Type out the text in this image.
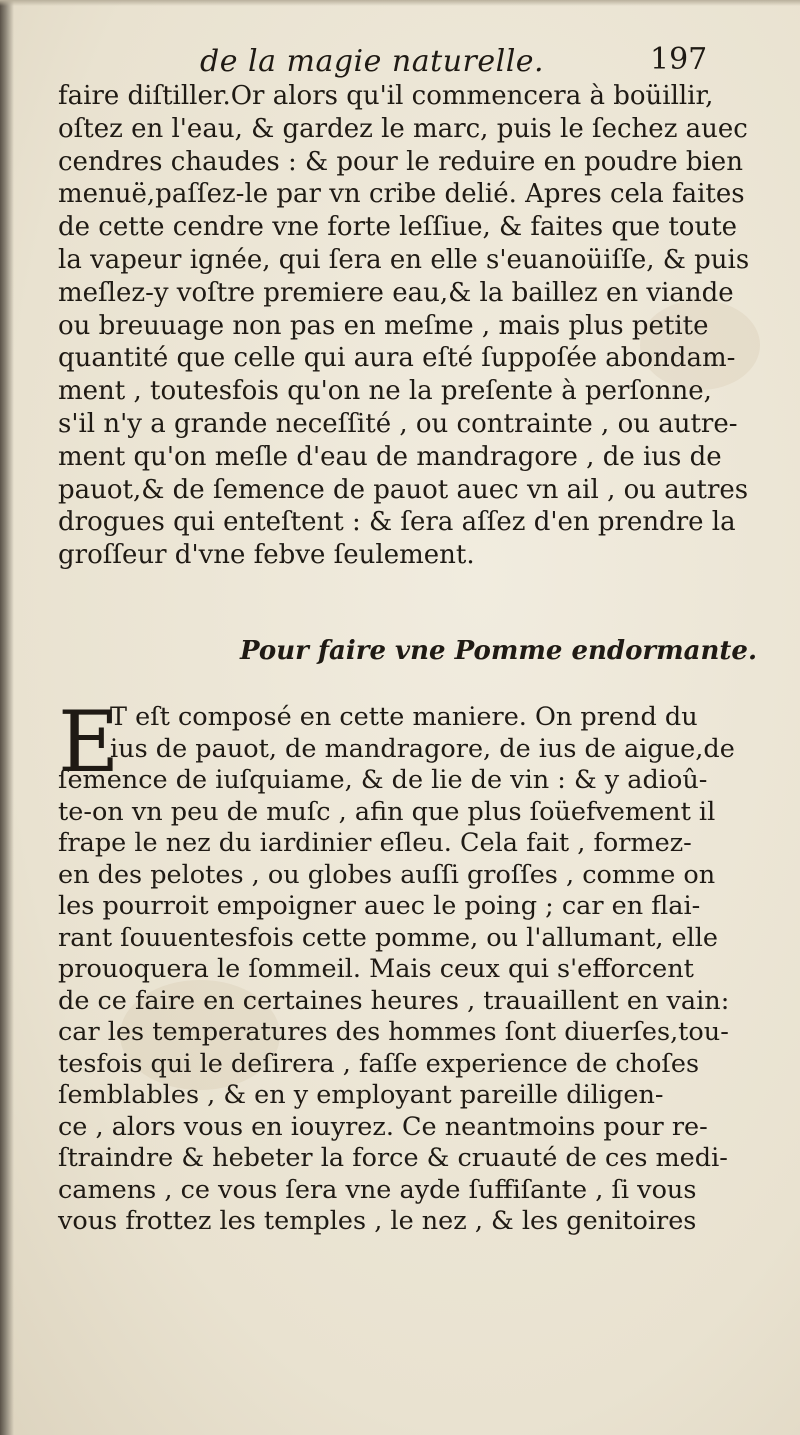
de la magie naturelle.	197
faire diſtiller.Or alors qu'il commencera à boüillir,
oſtez en l'eau, & gardez le marc, puis le ſechez auec
cendres chaudes : & pour le reduire en poudre bien
menuë,paſſez-le par vn cribe delié. Apres cela faites
de cette cendre vne forte leſſiue, & faites que toute
la vapeur ignée, qui ſera en elle s'euanoüiſſe, & puis
meſlez-y voſtre premiere eau,& la baillez en viande
ou breuuage non pas en meſme , mais plus petite
quantité que celle qui aura eſté ſuppoſée abondam-
ment , toutesfois qu'on ne la preſente à perſonne,
s'il n'y a grande neceſſité , ou contrainte , ou autre-
ment qu'on meſle d'eau de mandragore , de ius de
pauot,& de ſemence de pauot auec vn ail , ou autres
drogues qui enteſtent : & ſera aſſez d'en prendre la
groſſeur d'vne febve ſeulement.
Pour faire vne Pomme endormante.
E
T eſt composé en cette maniere. On prend du
ius de pauot, de mandragore, de ius de aigue,de
ſemence de iuſquiame, & de lie de vin : & y adioû-
te-on vn peu de muſc , afin que plus ſoüefvement il
frape le nez du iardinier eſleu. Cela fait , formez-
en des pelotes , ou globes auſſi groſſes , comme on
les pourroit empoigner auec le poing ; car en flai-
rant ſouuentesfois cette pomme, ou l'allumant, elle
prouoquera le ſommeil. Mais ceux qui s'efforcent
de ce faire en certaines heures , trauaillent en vain:
car les temperatures des hommes ſont diuerſes,tou-
tesfois qui le deſirera , faſſe experience de choſes
ſemblables , & en y employant pareille diligen-
ce , alors vous en iouyrez. Ce neantmoins pour re-
ſtraindre & hebeter la force & cruauté de ces medi-
camens , ce vous ſera vne ayde ſuffiſante , ſi vous
vous frottez les temples , le nez , & les genitoires
